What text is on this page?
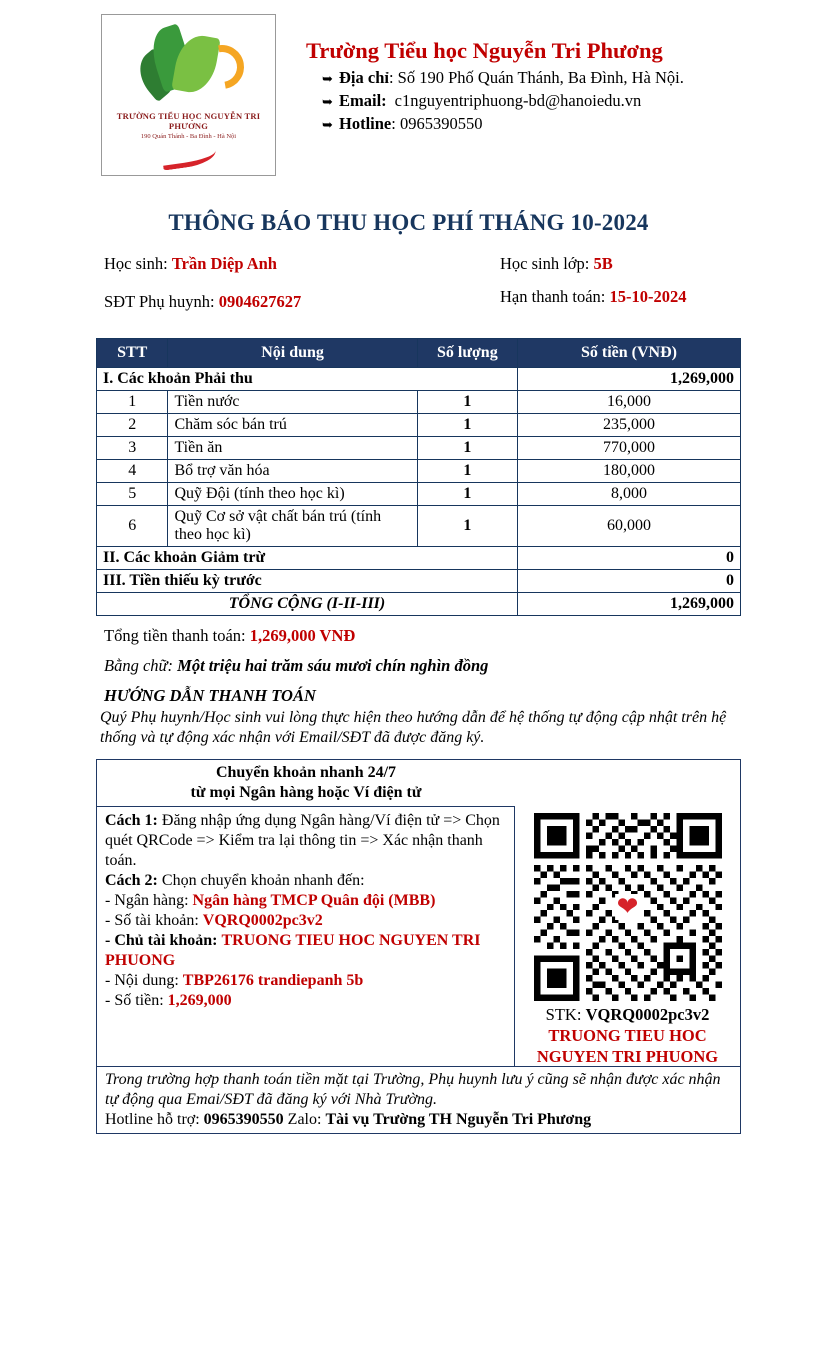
TRƯỜNG TIỂU HỌC NGUYỄN TRI PHƯƠNG
190 Quán Thánh - Ba Đình - Hà Nội
Trường Tiểu học Nguyễn Tri Phương
➥ Địa chỉ : Số 190 Phố Quán Thánh, Ba Đình, Hà Nội.
➥ Email: c1nguyentriphuong-bd@hanoiedu.vn
➥ Hotline : 0965390550
THÔNG BÁO THU HỌC PHÍ THÁNG 10-2024
Học sinh: Trần Diệp Anh
SĐT Phụ huynh: 0904627627
Học sinh lớp: 5B
Hạn thanh toán: 15-10-2024
STT	Nội dung	Số lượng	Số tiền (VNĐ)
I. Các khoản Phải thu			1,269,000
1	Tiền nước	1	16,000
2	Chăm sóc bán trú	1	235,000
3	Tiền ăn	1	770,000
4	Bổ trợ văn hóa	1	180,000
5	Quỹ Đội (tính theo học kì)	1	8,000
6	Quỹ Cơ sở vật chất bán trú (tính theo học kì)	1	60,000
II. Các khoản Giảm trừ			0
III. Tiền thiếu kỳ trước			0
TỔNG CỘNG (I-II-III)			1,269,000
Tổng tiền thanh toán: 1,269,000 VNĐ
Bằng chữ: Một triệu hai trăm sáu mươi chín nghìn đồng
HƯỚNG DẪN THANH TOÁN
Quý Phụ huynh/Học sinh vui lòng thực hiện theo hướng dẫn để hệ thống tự động cập nhật trên hệ thống và tự động xác nhận với Email/SĐT đã được đăng ký.
Chuyển khoản nhanh 24/7
từ mọi Ngân hàng hoặc Ví điện tử
Cách 1: Đăng nhập ứng dụng Ngân hàng/Ví điện tử => Chọn quét QRCode => Kiểm tra lại thông tin => Xác nhận thanh toán.
Cách 2: Chọn chuyển khoản nhanh đến:
- Ngân hàng: Ngân hàng TMCP Quân đội (MBB)
- Số tài khoản: VQRQ0002pc3v2
- Chủ tài khoản: TRUONG TIEU HOC NGUYEN TRI PHUONG
- Nội dung: TBP26176 trandiepanh 5b
- Số tiền: 1,269,000
❤
STK: VQRQ0002pc3v2
TRUONG TIEU HOC
NGUYEN TRI PHUONG
Trong trường hợp thanh toán tiền mặt tại Trường, Phụ huynh lưu ý cũng sẽ nhận được xác nhận tự động qua Emai/SĐT đã đăng ký với Nhà Trường.
Hotline hỗ trợ: 0965390550 Zalo: Tài vụ Trường TH Nguyễn Tri Phương
